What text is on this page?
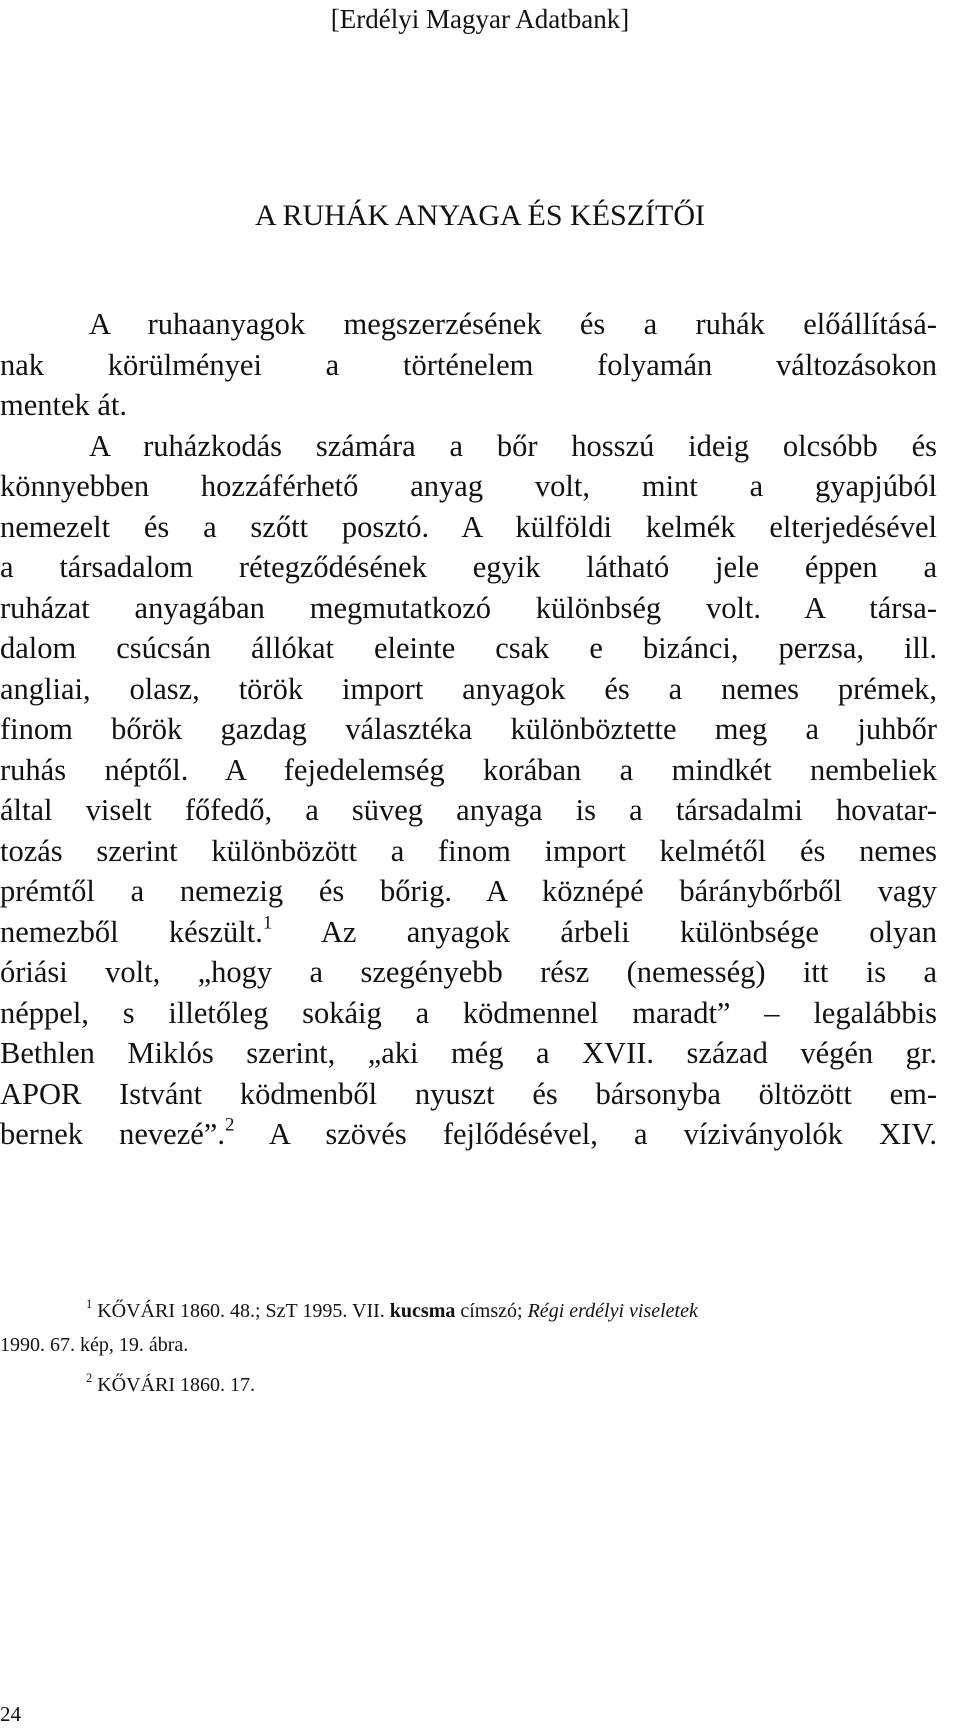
[Erdélyi Magyar Adatbank]
A RUHÁK ANYAGA ÉS KÉSZÍTŐI
A ruhaanyagok megszerzésének és a ruhák előállításá-
nak körülményei a történelem folyamán változásokon
mentek át.
A ruházkodás számára a bőr hosszú ideig olcsóbb és
könnyebben hozzáférhető anyag volt, mint a gyapjúból
nemezelt és a szőtt posztó. A külföldi kelmék elterjedésével
a társadalom rétegződésének egyik látható jele éppen a
ruházat anyagában megmutatkozó különbség volt. A társa-
dalom csúcsán állókat eleinte csak e bizánci, perzsa, ill.
angliai, olasz, török import anyagok és a nemes prémek,
finom bőrök gazdag választéka különböztette meg a juhbőr
ruhás néptől. A fejedelemség korában a mindkét nembeliek
által viselt főfedő, a süveg anyaga is a társadalmi hovatar-
tozás szerint különbözött a finom import kelmétől és nemes
prémtől a nemezig és bőrig. A köznépé báránybőrből vagy
nemezből készült.$^1$ Az anyagok árbeli különbsége olyan
óriási volt, „hogy a szegényebb rész (nemesség) itt is a
néppel, s illetőleg sokáig a ködmennel maradt” – legalábbis
Bethlen Miklós szerint, „aki még a XVII. század végén gr.
APOR Istvánt ködmenből nyuszt és bársonyba öltözött em-
bernek nevezé”.$^2$ A szövés fejlődésével, a víziványolók XIV.
$^1$ KŐVÁRI 1860. 48.; SzT 1995. VII. kucsma címszó; Régi erdélyi viseletek
1990. 67. kép, 19. ábra.
$^2$ KŐVÁRI 1860. 17.
24
